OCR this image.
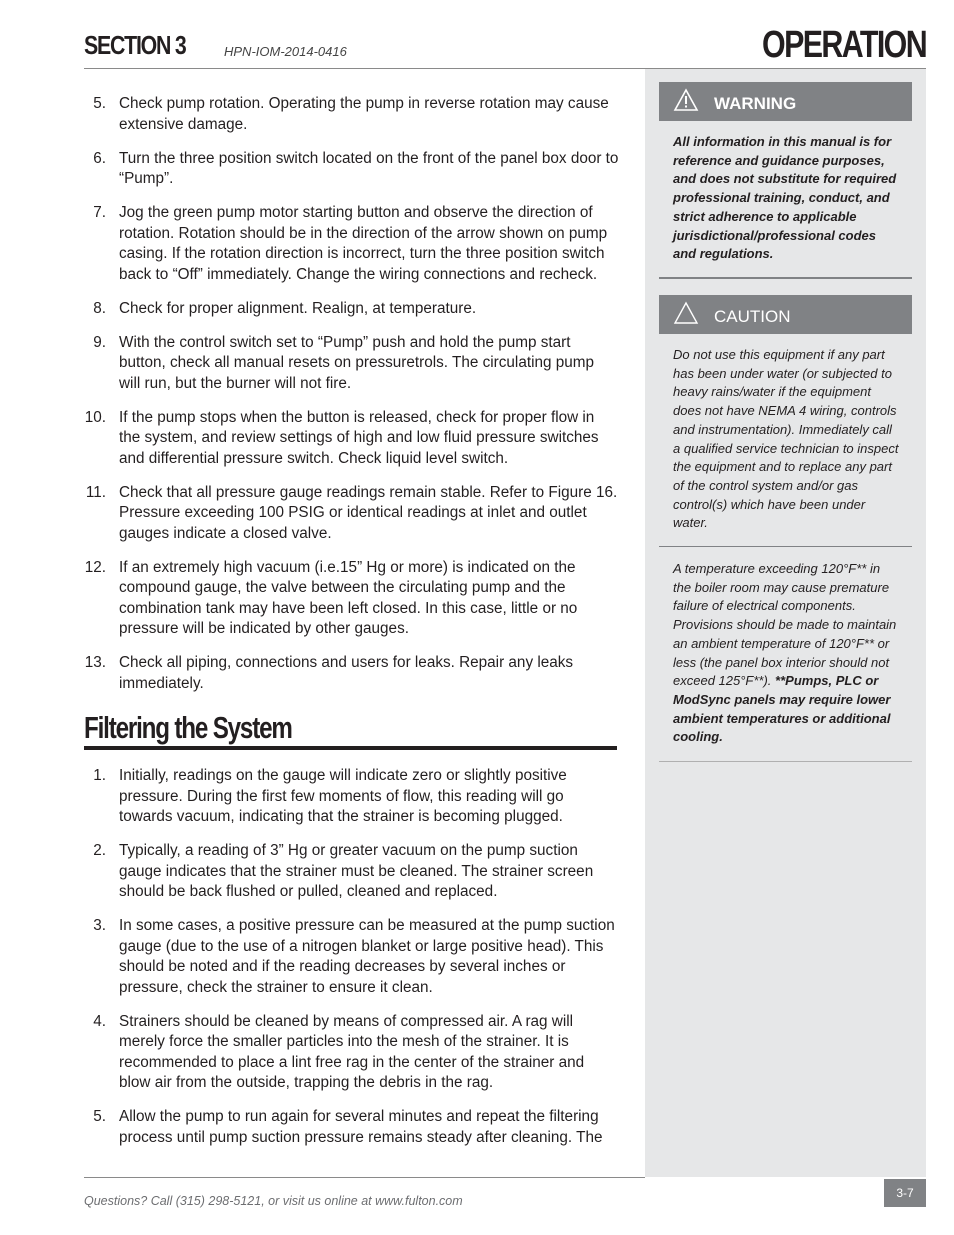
SECTION 3	HPN-IOM-2014-0416	OPERATION
5. Check pump rotation. Operating the pump in reverse rotation may cause extensive damage.
6. Turn the three position switch located on the front of the panel box door to “Pump”.
7. Jog the green pump motor starting button and observe the direction of rotation. Rotation should be in the direction of the arrow shown on pump casing. If the rotation direction is incorrect, turn the three position switch back to “Off” immediately. Change the wiring connections and recheck.
8. Check for proper alignment. Realign, at temperature.
9. With the control switch set to “Pump” push and hold the pump start button, check all manual resets on pressuretrols. The circulating pump will run, but the burner will not fire.
10. If the pump stops when the button is released, check for proper flow in the system, and review settings of high and low fluid pressure switches and differential pressure switch. Check liquid level switch.
11. Check that all pressure gauge readings remain stable. Refer to Figure 16. Pressure exceeding 100 PSIG or identical readings at inlet and outlet gauges indicate a closed valve.
12. If an extremely high vacuum (i.e.15” Hg or more) is indicated on the compound gauge, the valve between the circulating pump and the combination tank may have been left closed. In this case, little or no pressure will be indicated by other gauges.
13. Check all piping, connections and users for leaks. Repair any leaks immediately.
Filtering the System
1. Initially, readings on the gauge will indicate zero or slightly positive pressure. During the first few moments of flow, this reading will go towards vacuum, indicating that the strainer is becoming plugged.
2. Typically, a reading of 3” Hg or greater vacuum on the pump suction gauge indicates that the strainer must be cleaned. The strainer screen should be back flushed or pulled, cleaned and replaced.
3. In some cases, a positive pressure can be measured at the pump suction gauge (due to the use of a nitrogen blanket or large positive head). This should be noted and if the reading decreases by several inches or pressure, check the strainer to ensure it clean.
4. Strainers should be cleaned by means of compressed air. A rag will merely force the smaller particles into the mesh of the strainer. It is recommended to place a lint free rag in the center of the strainer and blow air from the outside, trapping the debris in the rag.
5. Allow the pump to run again for several minutes and repeat the filtering process until pump suction pressure remains steady after cleaning. The
WARNING
All information in this manual is for reference and guidance purposes, and does not substitute for required professional training, conduct, and strict adherence to applicable jurisdictional/professional codes and regulations.
CAUTION
Do not use this equipment if any part has been under water (or subjected to heavy rains/water if the equipment does not have NEMA 4 wiring, controls and instrumentation). Immediately call a qualified service technician to inspect the equipment and to replace any part of the control system and/or gas control(s) which have been under water.
A temperature exceeding 120°F** in the boiler room may cause premature failure of electrical components. Provisions should be made to maintain an ambient temperature of 120°F** or less (the panel box interior should not exceed 125°F**). **Pumps, PLC or ModSync panels may require lower ambient temperatures or additional cooling.
Questions? Call (315) 298-5121, or visit us online at www.fulton.com
3-7
